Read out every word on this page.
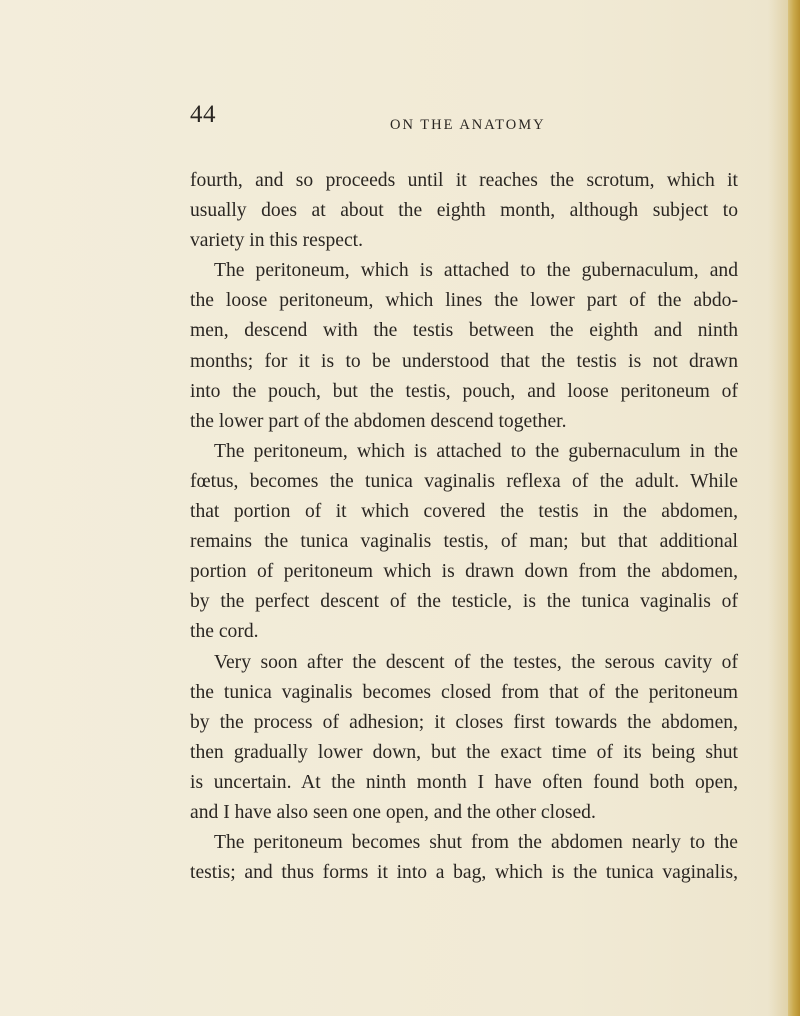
44	ON THE ANATOMY
fourth, and so proceeds until it reaches the scrotum, which it
usually does at about the eighth month, although subject to
variety in this respect.
The peritoneum, which is attached to the gubernaculum, and
the loose peritoneum, which lines the lower part of the abdo-
men, descend with the testis between the eighth and ninth
months; for it is to be understood that the testis is not drawn
into the pouch, but the testis, pouch, and loose peritoneum of
the lower part of the abdomen descend together.
The peritoneum, which is attached to the gubernaculum in the
fœtus, becomes the tunica vaginalis reflexa of the adult. While
that portion of it which covered the testis in the abdomen,
remains the tunica vaginalis testis, of man; but that additional
portion of peritoneum which is drawn down from the abdomen,
by the perfect descent of the testicle, is the tunica vaginalis of
the cord.
Very soon after the descent of the testes, the serous cavity of
the tunica vaginalis becomes closed from that of the peritoneum
by the process of adhesion; it closes first towards the abdomen,
then gradually lower down, but the exact time of its being shut
is uncertain. At the ninth month I have often found both open,
and I have also seen one open, and the other closed.
The peritoneum becomes shut from the abdomen nearly to the
testis; and thus forms it into a bag, which is the tunica vaginalis,
